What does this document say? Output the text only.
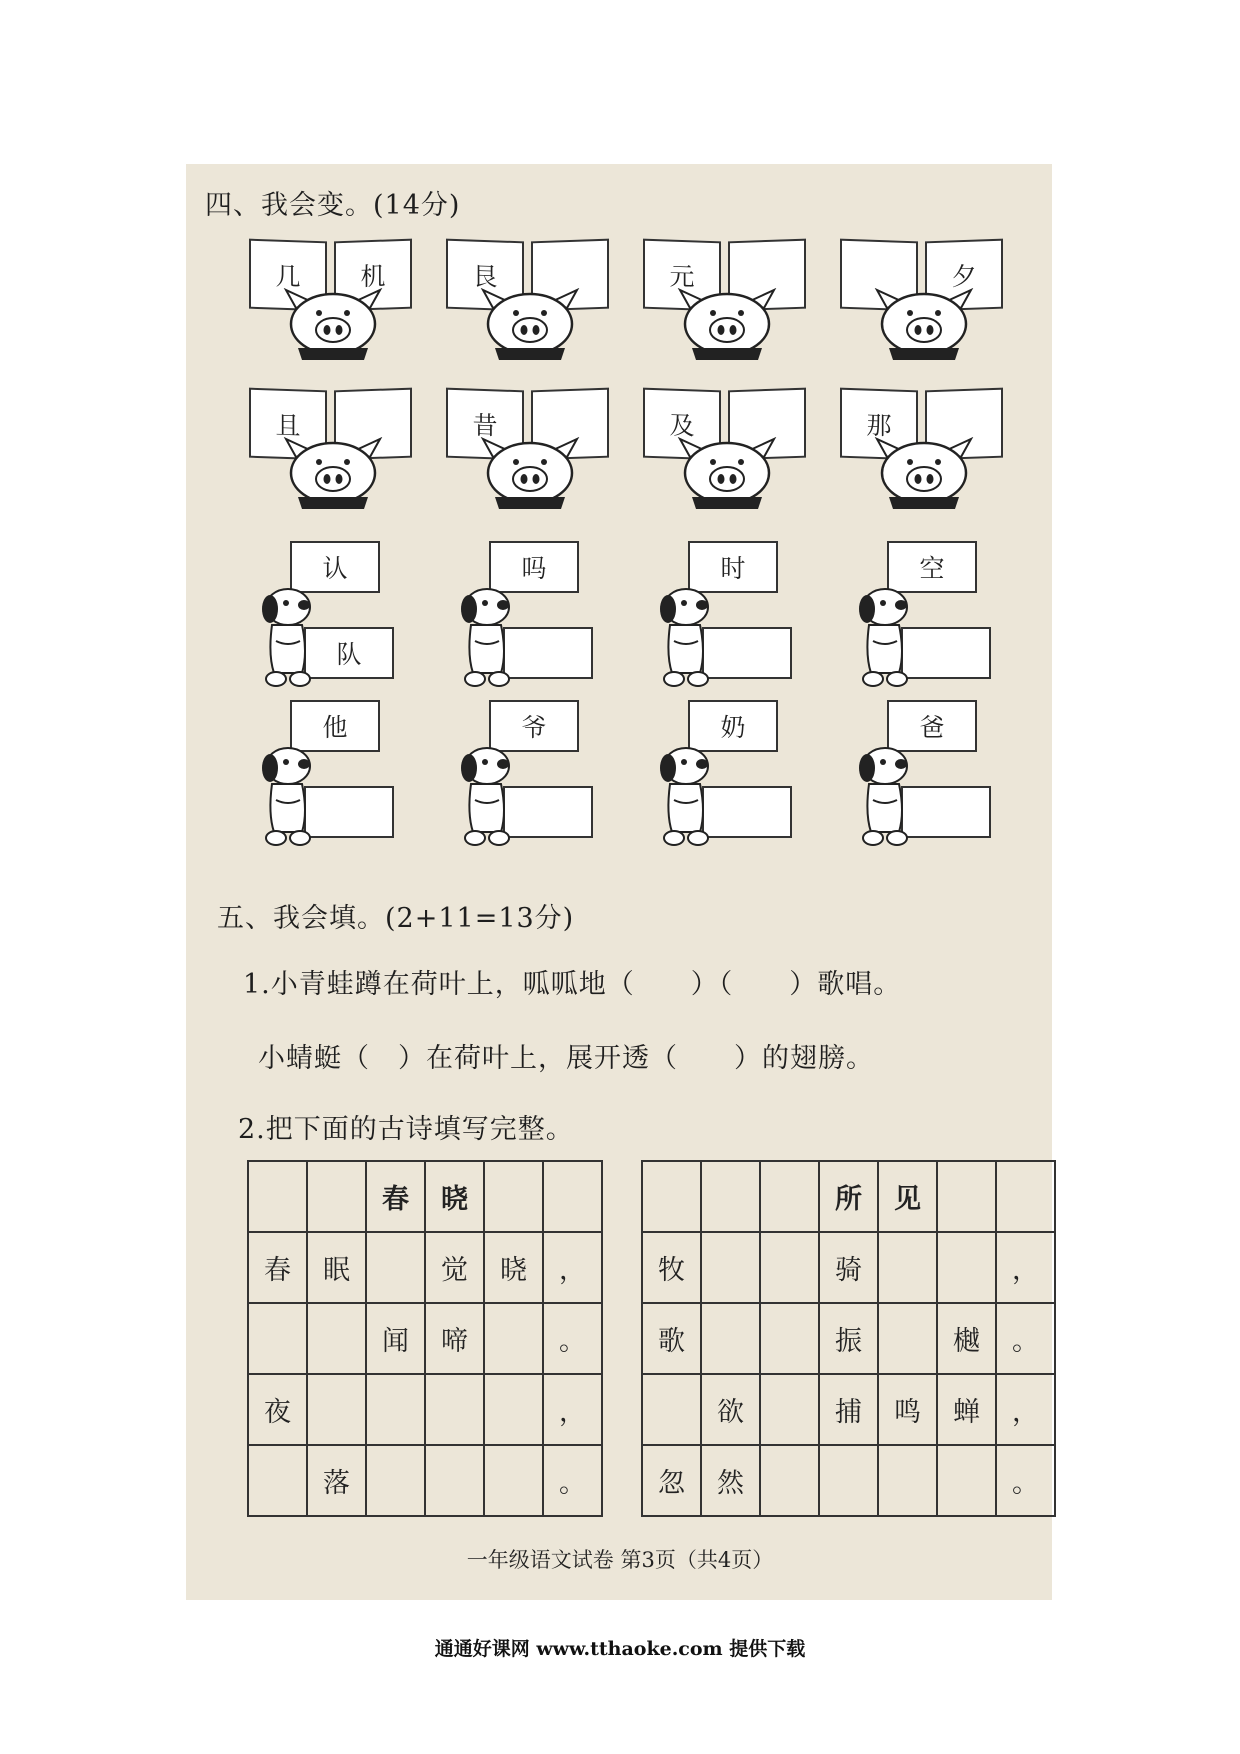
四、我会变。(14分)
几	机	艮	元	夕
且	昔	及	那
认
队
吗	时	空
他	爷	奶	爸
五、我会填。(2+11=13分)
1.小青蛙蹲在荷叶上，呱呱地（　　）（　　）歌唱。
小蜻蜓（　）在荷叶上，展开透（　　）的翅膀。
2.把下面的古诗填写完整。
		春	晓		
春	眠		觉	晓	，
		闻	啼		。
夜					，
	落				。
			所	见		
牧			骑			，
歌			振		樾	。
	欲		捕	鸣	蝉	，
忽	然					。
一年级语文试卷 第3页（共4页）
通通好课网 www.tthaoke.com 提供下载
